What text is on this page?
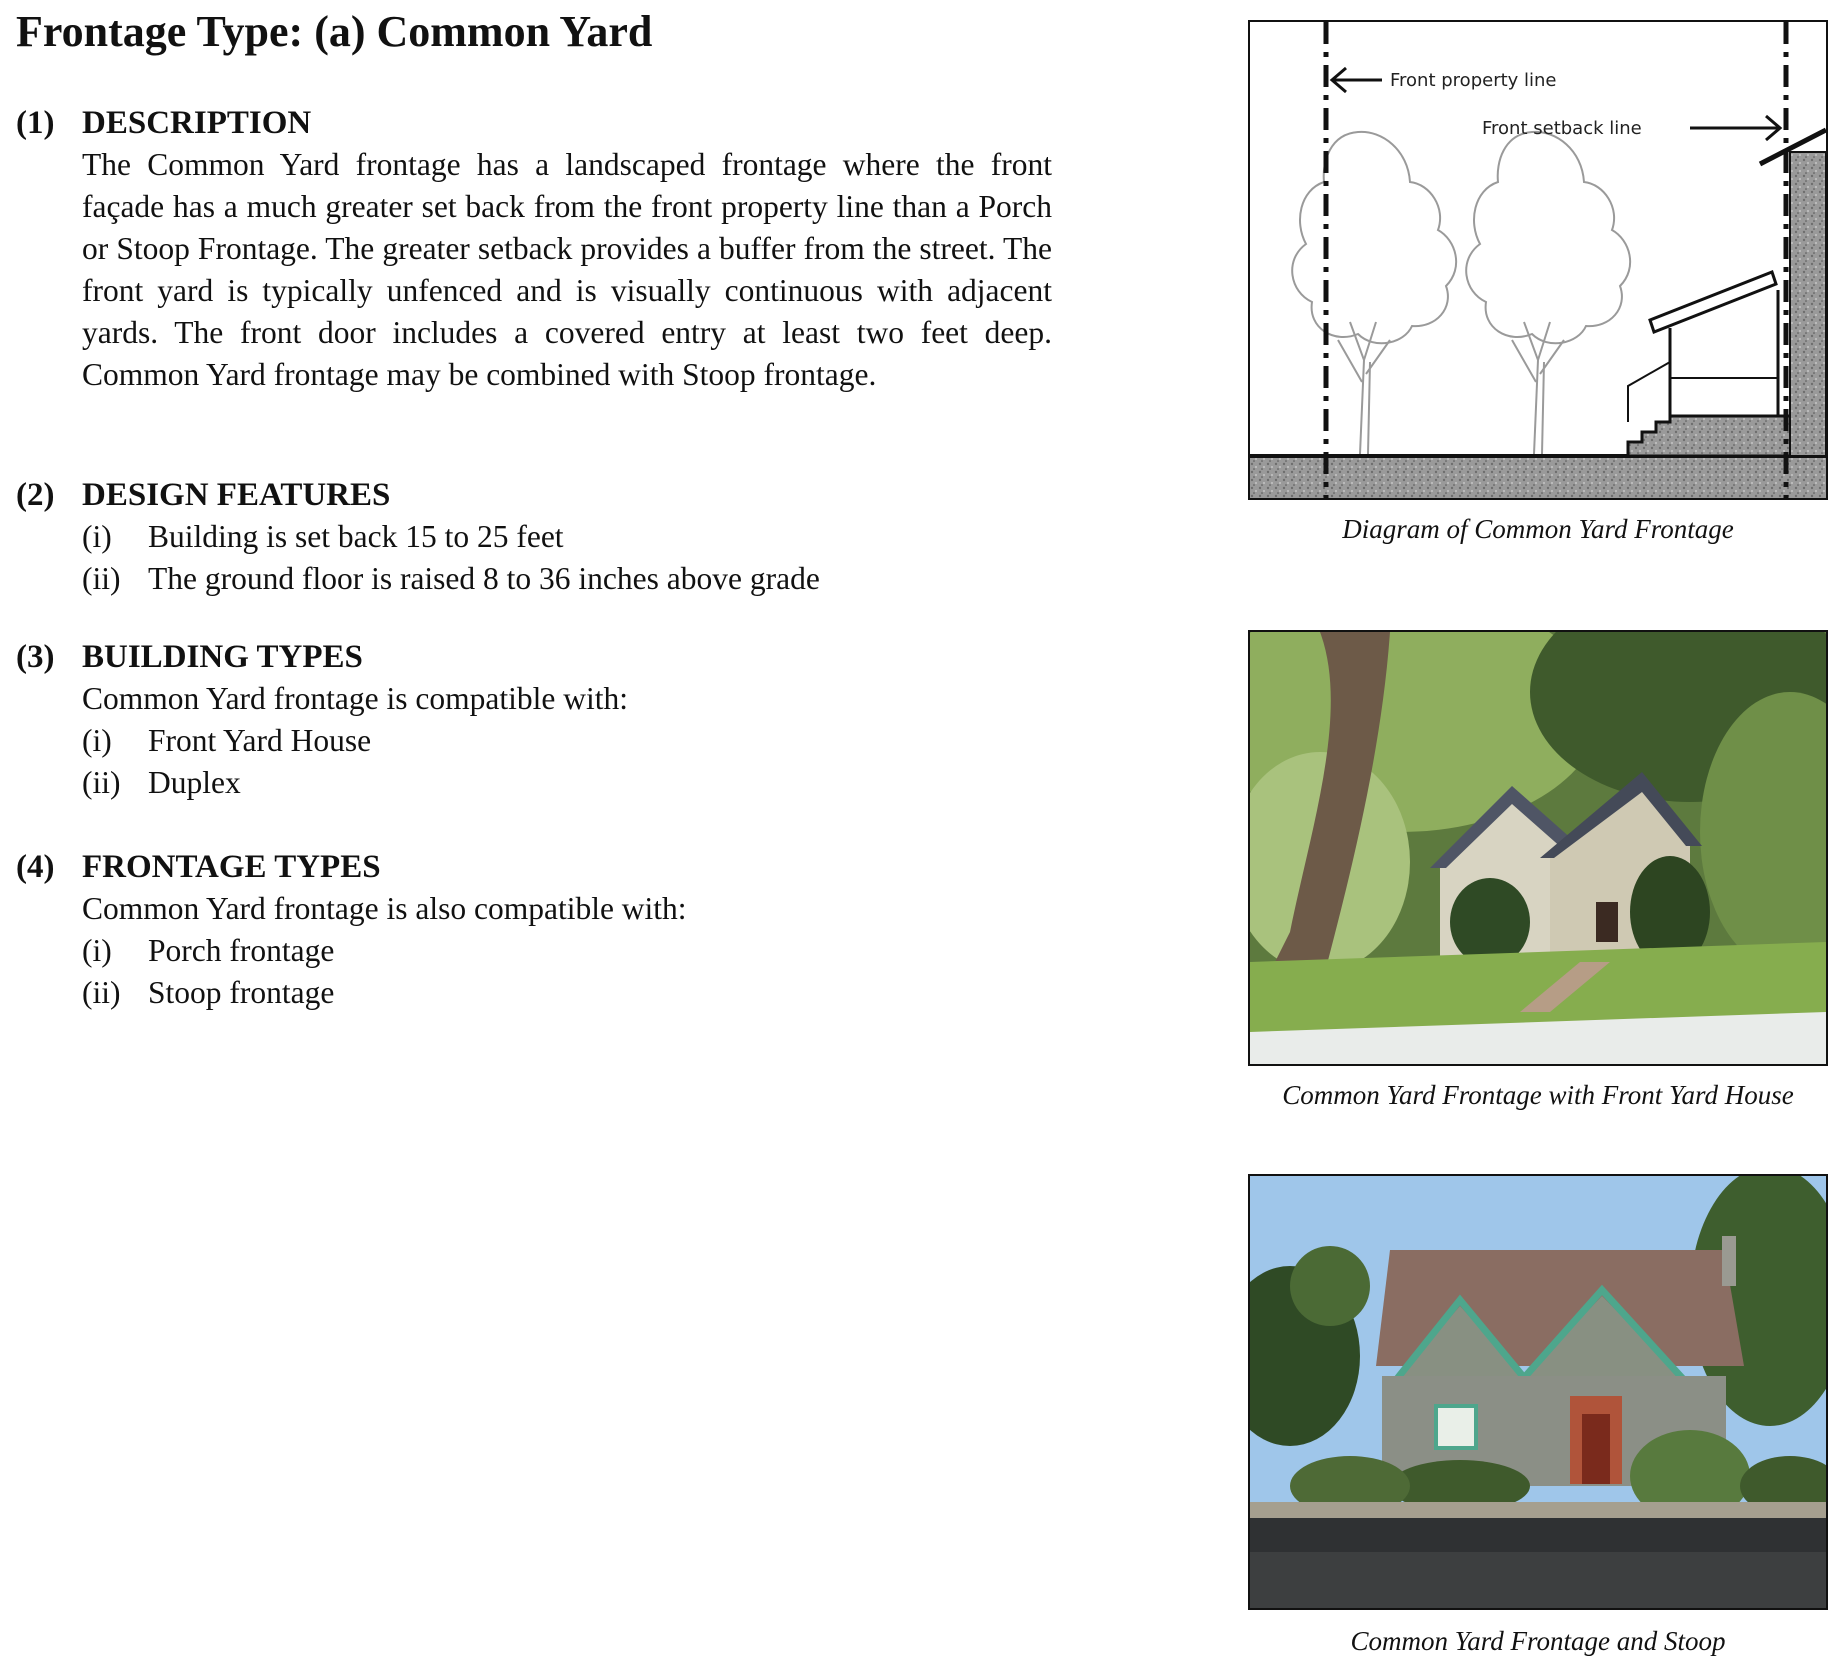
Frontage Type: (a) Common Yard
(1) DESCRIPTION
The Common Yard frontage has a landscaped frontage where the front façade has a much greater set back from the front property line than a Porch or Stoop Frontage. The greater setback provides a buffer from the street. The front yard is typically unfenced and is visually continuous with adjacent yards. The front door includes a covered entry at least two feet deep. Common Yard frontage may be combined with Stoop frontage.
(2) DESIGN FEATURES
(i) Building is set back 15 to 25 feet
(ii) The ground floor is raised 8 to 36 inches above grade
(3) BUILDING TYPES
Common Yard frontage is compatible with:
(i) Front Yard House
(ii) Duplex
(4) FRONTAGE TYPES
Common Yard frontage is also compatible with:
(i) Porch frontage
(ii) Stoop frontage
Front property line
Front setback line
Diagram of Common Yard Frontage
Common Yard Frontage with Front Yard House
Common Yard Frontage and Stoop
